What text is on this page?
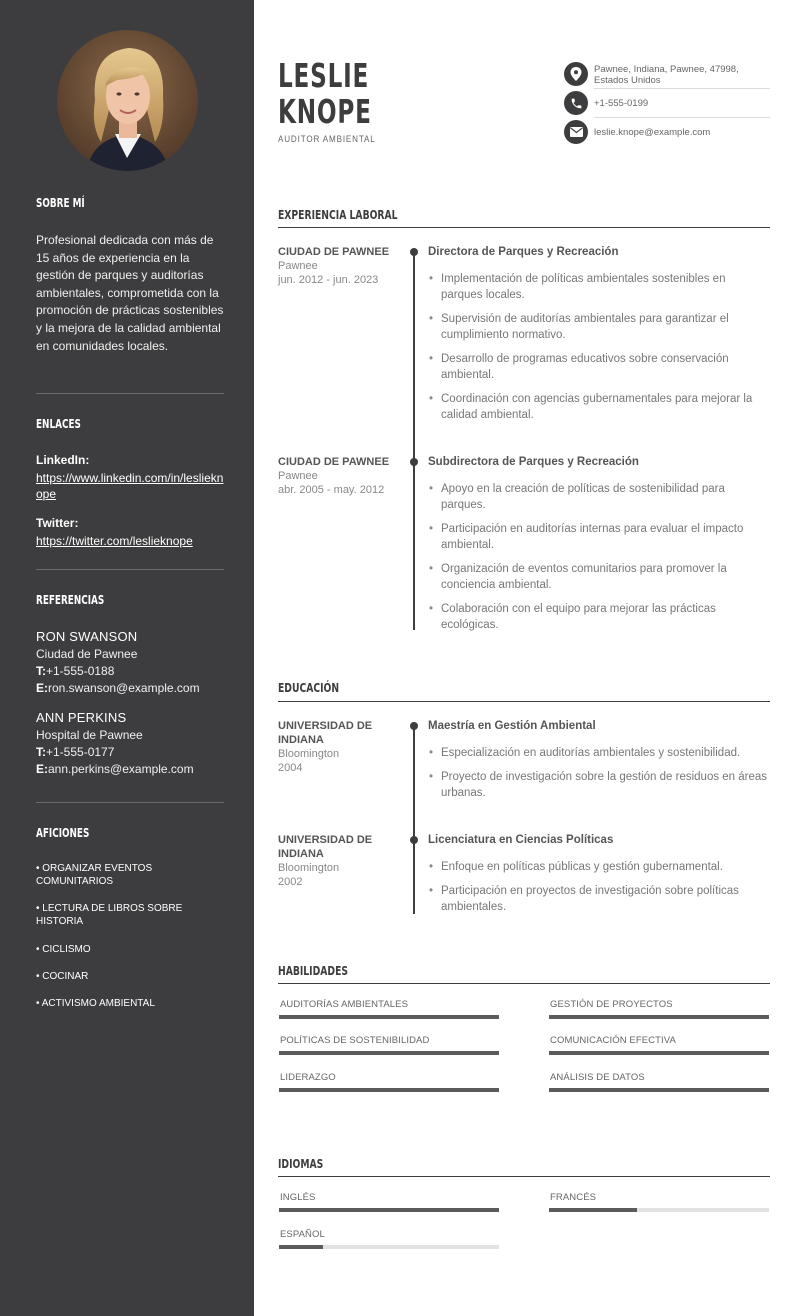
SOBRE MÍ
Profesional dedicada con más de 15 años de experiencia en la gestión de parques y auditorías ambientales, comprometida con la promoción de prácticas sostenibles y la mejora de la calidad ambiental en comunidades locales.
ENLACES
LinkedIn:
https://www.linkedin.com/in/leslieknope
Twitter:
https://twitter.com/leslieknope
REFERENCIAS
RON SWANSON
Ciudad de Pawnee
T:+1-555-0188
E:ron.swanson@example.com
ANN PERKINS
Hospital de Pawnee
T:+1-555-0177
E:ann.perkins@example.com
AFICIONES
• ORGANIZAR EVENTOS COMUNITARIOS
• LECTURA DE LIBROS SOBRE HISTORIA
• CICLISMO
• COCINAR
• ACTIVISMO AMBIENTAL
LESLIE
KNOPE
AUDITOR AMBIENTAL
Pawnee, Indiana, Pawnee, 47998, Estados Unidos
+1-555-0199
leslie.knope@example.com
EXPERIENCIA LABORAL
CIUDAD DE PAWNEE
Pawnee
jun. 2012 - jun. 2023
Directora de Parques y Recreación
• Implementación de políticas ambientales sostenibles en parques locales.
• Supervisión de auditorías ambientales para garantizar el cumplimiento normativo.
• Desarrollo de programas educativos sobre conservación ambiental.
• Coordinación con agencias gubernamentales para mejorar la calidad ambiental.
CIUDAD DE PAWNEE
Pawnee
abr. 2005 - may. 2012
Subdirectora de Parques y Recreación
• Apoyo en la creación de políticas de sostenibilidad para parques.
• Participación en auditorías internas para evaluar el impacto ambiental.
• Organización de eventos comunitarios para promover la conciencia ambiental.
• Colaboración con el equipo para mejorar las prácticas ecológicas.
EDUCACIÓN
UNIVERSIDAD DE INDIANA
Bloomington
2004
Maestría en Gestión Ambiental
• Especialización en auditorías ambientales y sostenibilidad.
• Proyecto de investigación sobre la gestión de residuos en áreas urbanas.
UNIVERSIDAD DE INDIANA
Bloomington
2002
Licenciatura en Ciencias Políticas
• Enfoque en políticas públicas y gestión gubernamental.
• Participación en proyectos de investigación sobre políticas ambientales.
HABILIDADES
AUDITORÍAS AMBIENTALES	GESTIÓN DE PROYECTOS
POLÍTICAS DE SOSTENIBILIDAD	COMUNICACIÓN EFECTIVA
LIDERAZGO	ANÁLISIS DE DATOS
IDIOMAS
INGLÉS	FRANCÉS
ESPAÑOL
